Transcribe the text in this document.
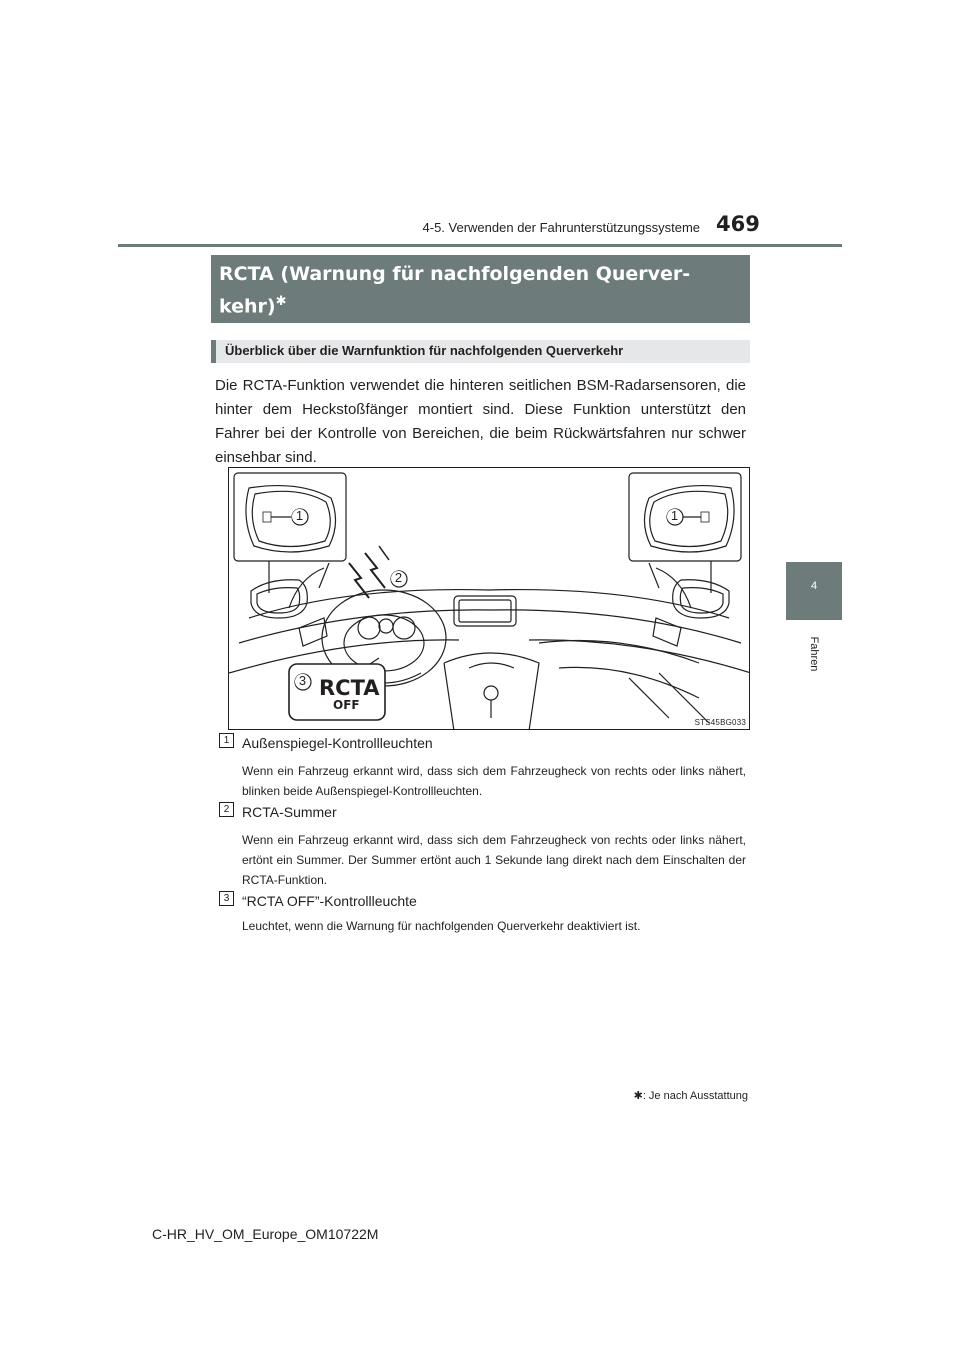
4-5. Verwenden der Fahrunterstützungssysteme 469
4
Fahren
RCTA (Warnung für nachfolgenden Querver-
kehr)✱
Überblick über die Warnfunktion für nachfolgenden Querverkehr
Die RCTA-Funktion verwendet die hinteren seitlichen BSM-Radarsensoren, die hinter dem Heckstoßfänger montiert sind. Diese Funktion unterstützt den Fahrer bei der Kontrolle von Bereichen, die beim Rückwärtsfahren nur schwer einsehbar sind.
1	1
2
3 RCTA
OFF
STS45BG033
1 Außenspiegel-Kontrollleuchten
Wenn ein Fahrzeug erkannt wird, dass sich dem Fahrzeugheck von rechts oder links nähert, blinken beide Außenspiegel-Kontrollleuchten.
2 RCTA-Summer
Wenn ein Fahrzeug erkannt wird, dass sich dem Fahrzeugheck von rechts oder links nähert, ertönt ein Summer. Der Summer ertönt auch 1 Sekunde lang direkt nach dem Einschalten der RCTA-Funktion.
3 “RCTA OFF”-Kontrollleuchte
Leuchtet, wenn die Warnung für nachfolgenden Querverkehr deaktiviert ist.
✱: Je nach Ausstattung
C-HR_HV_OM_Europe_OM10722M
